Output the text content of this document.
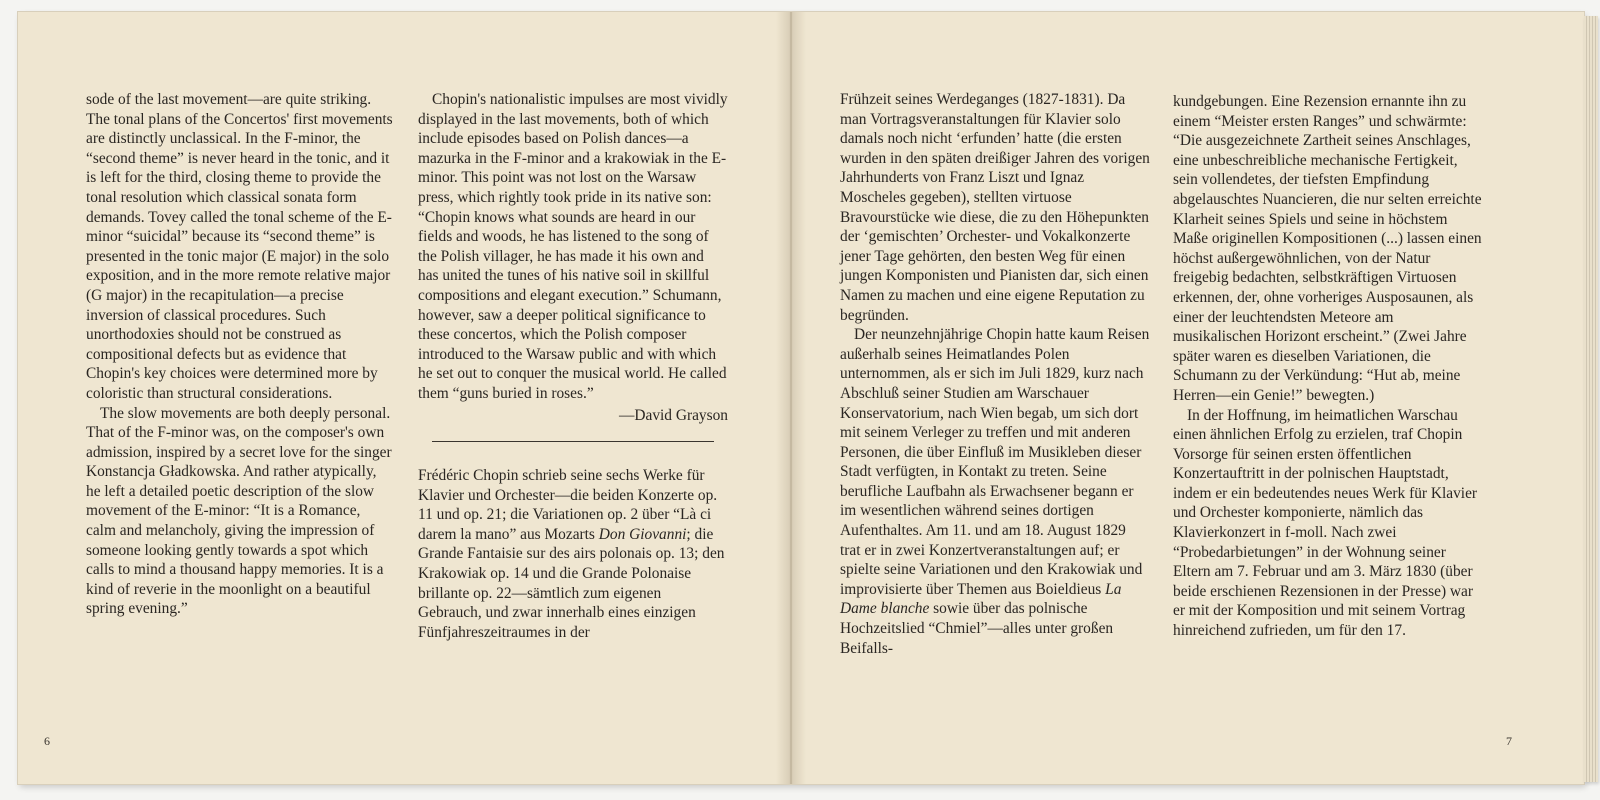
sode of the last movement—are quite striking. The tonal plans of the Concertos' first movements are distinctly unclassical. In the F-minor, the “second theme” is never heard in the tonic, and it is left for the third, closing theme to provide the tonal resolution which classical sonata form demands. Tovey called the tonal scheme of the E-minor “suicidal” because its “second theme” is presented in the tonic major (E major) in the solo exposition, and in the more remote relative major (G major) in the recapitulation—a precise inversion of classical procedures. Such unorthodoxies should not be construed as compositional defects but as evidence that Chopin's key choices were determined more by coloristic than structural considerations.

The slow movements are both deeply personal. That of the F-minor was, on the composer's own admission, inspired by a secret love for the singer Konstancja Gładkowska. And rather atypically, he left a detailed poetic description of the slow movement of the E-minor: “It is a Romance, calm and melancholy, giving the impression of someone looking gently towards a spot which calls to mind a thousand happy memories. It is a kind of reverie in the moonlight on a beautiful spring evening.”

Chopin's nationalistic impulses are most vividly displayed in the last movements, both of which include episodes based on Polish dances—a mazurka in the F-minor and a krakowiak in the E-minor. This point was not lost on the Warsaw press, which rightly took pride in its native son: “Chopin knows what sounds are heard in our fields and woods, he has listened to the song of the Polish villager, he has made it his own and has united the tunes of his native soil in skillful compositions and elegant execution.” Schumann, however, saw a deeper political significance to these concertos, which the Polish composer introduced to the Warsaw public and with which he set out to conquer the musical world. He called them “guns buried in roses.”

—David Grayson

Frédéric Chopin schrieb seine sechs Werke für Klavier und Orchester—die beiden Konzerte op. 11 und op. 21; die Variationen op. 2 über “Là ci darem la mano” aus Mozarts Don Giovanni; die Grande Fantaisie sur des airs polonais op. 13; den Krakowiak op. 14 und die Grande Polonaise brillante op. 22—sämtlich zum eigenen Gebrauch, und zwar innerhalb eines einzigen Fünfjahreszeitraumes in der

6

Frühzeit seines Werdeganges (1827-1831). Da man Vortragsveranstaltungen für Klavier solo damals noch nicht ‘erfunden’ hatte (die ersten wurden in den späten dreißiger Jahren des vorigen Jahrhunderts von Franz Liszt und Ignaz Moscheles gegeben), stellten virtuose Bravourstücke wie diese, die zu den Höhepunkten der ‘gemischten’ Orchester- und Vokalkonzerte jener Tage gehörten, den besten Weg für einen jungen Komponisten und Pianisten dar, sich einen Namen zu machen und eine eigene Reputation zu begründen.

Der neunzehnjährige Chopin hatte kaum Reisen außerhalb seines Heimatlandes Polen unternommen, als er sich im Juli 1829, kurz nach Abschluß seiner Studien am Warschauer Konservatorium, nach Wien begab, um sich dort mit seinem Verleger zu treffen und mit anderen Personen, die über Einfluß im Musikleben dieser Stadt verfügten, in Kontakt zu treten. Seine berufliche Laufbahn als Erwachsener begann er im wesentlichen während seines dortigen Aufenthaltes. Am 11. und am 18. August 1829 trat er in zwei Konzertveranstaltungen auf; er spielte seine Variationen und den Krakowiak und improvisierte über Themen aus Boieldieus La Dame blanche sowie über das polnische Hochzeitslied “Chmiel”—alles unter großen Beifalls-

kundgebungen. Eine Rezension ernannte ihn zu einem “Meister ersten Ranges” und schwärmte: “Die ausgezeichnete Zartheit seines Anschlages, eine unbeschreibliche mechanische Fertigkeit, sein vollendetes, der tiefsten Empfindung abgelauschtes Nuancieren, die nur selten erreichte Klarheit seines Spiels und seine in höchstem Maße originellen Kompositionen (...) lassen einen höchst außergewöhnlichen, von der Natur freigebig bedachten, selbstkräftigen Virtuosen erkennen, der, ohne vorheriges Ausposaunen, als einer der leuchtendsten Meteore am musikalischen Horizont erscheint.” (Zwei Jahre später waren es dieselben Variationen, die Schumann zu der Verkündung: “Hut ab, meine Herren—ein Genie!” bewegten.)

In der Hoffnung, im heimatlichen Warschau einen ähnlichen Erfolg zu erzielen, traf Chopin Vorsorge für seinen ersten öffentlichen Konzertauftritt in der polnischen Hauptstadt, indem er ein bedeutendes neues Werk für Klavier und Orchester komponierte, nämlich das Klavierkonzert in f-moll. Nach zwei “Probedarbietungen” in der Wohnung seiner Eltern am 7. Februar und am 3. März 1830 (über beide erschienen Rezensionen in der Presse) war er mit der Komposition und mit seinem Vortrag hinreichend zufrieden, um für den 17.

7
